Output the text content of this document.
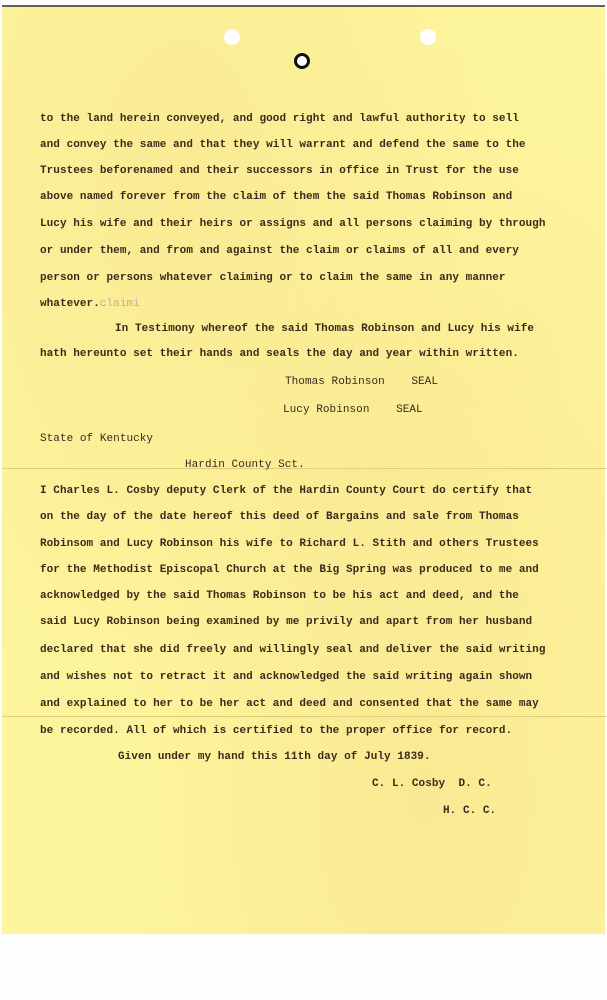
to the land herein conveyed, and good right and lawful authority to sell
and convey the same and that they will warrant and defend the same to the
Trustees beforenamed and their successors in office in Trust for the use
above named forever from the claim of them the said Thomas Robinson and
Lucy his wife and their heirs or assigns and all persons claiming by through
or under them, and from and against the claim or claims of all and every
person or persons whatever claiming or to claim the same in any manner
whatever.claimi
In Testimony whereof the said Thomas Robinson and Lucy his wife
hath hereunto set their hands and seals the day and year within written.
Thomas Robinson    SEAL
Lucy Robinson    SEAL
State of Kentucky
Hardin County Sct.
I Charles L. Cosby deputy Clerk of the Hardin County Court do certify that
on the day of the date hereof this deed of Bargains and sale from Thomas
Robinsom and Lucy Robinson his wife to Richard L. Stith and others Trustees
for the Methodist Episcopal Church at the Big Spring was produced to me and
acknowledged by the said Thomas Robinson to be his act and deed, and the
said Lucy Robinson being examined by me privily and apart from her husband
declared that she did freely and willingly seal and deliver the said writing
and wishes not to retract it and acknowledged the said writing again shown
and explained to her to be her act and deed and consented that the same may
be recorded. All of which is certified to the proper office for record.
Given under my hand this 11th day of July 1839.
C. L. Cosby  D. C.
H. C. C.
